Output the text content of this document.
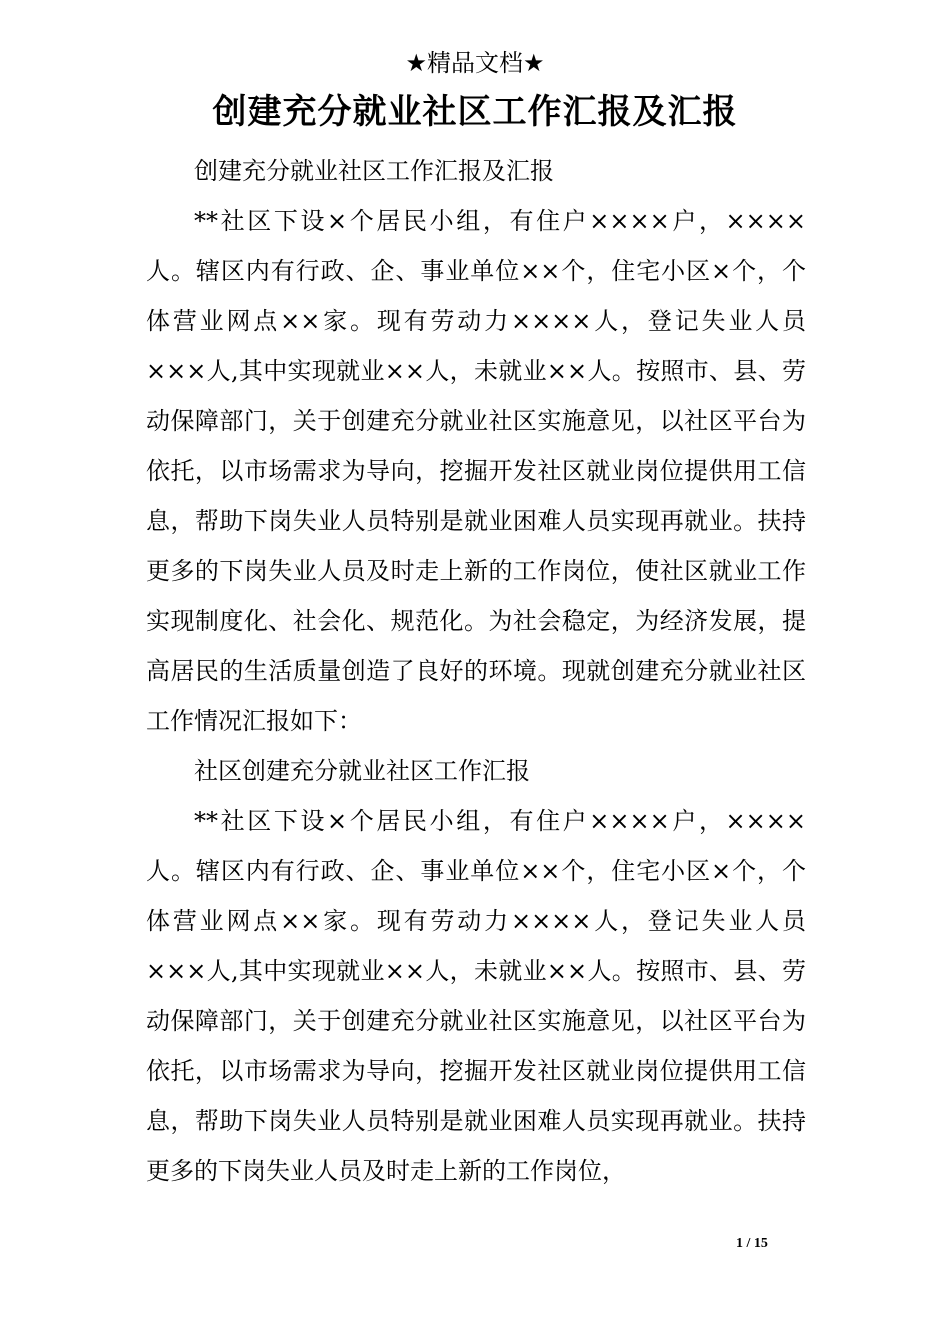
★精品文档★
创建充分就业社区工作汇报及汇报

创建充分就业社区工作汇报及汇报

**社区下设×个居民小组，有住户××××户，××××人。辖区内有行政、企、事业单位××个，住宅小区×个，个体营业网点××家。现有劳动力××××人，登记失业人员×××人,其中实现就业××人，未就业××人。按照市、县、劳动保障部门，关于创建充分就业社区实施意见，以社区平台为依托，以市场需求为导向，挖掘开发社区就业岗位提供用工信息，帮助下岗失业人员特别是就业困难人员实现再就业。扶持更多的下岗失业人员及时走上新的工作岗位，使社区就业工作实现制度化、社会化、规范化。为社会稳定，为经济发展，提高居民的生活质量创造了良好的环境。现就创建充分就业社区工作情况汇报如下：

社区创建充分就业社区工作汇报

**社区下设×个居民小组，有住户××××户，××××人。辖区内有行政、企、事业单位××个，住宅小区×个，个体营业网点××家。现有劳动力××××人，登记失业人员×××人,其中实现就业××人，未就业××人。按照市、县、劳动保障部门，关于创建充分就业社区实施意见，以社区平台为依托，以市场需求为导向，挖掘开发社区就业岗位提供用工信息，帮助下岗失业人员特别是就业困难人员实现再就业。扶持更多的下岗失业人员及时走上新的工作岗位，

1 / 15
